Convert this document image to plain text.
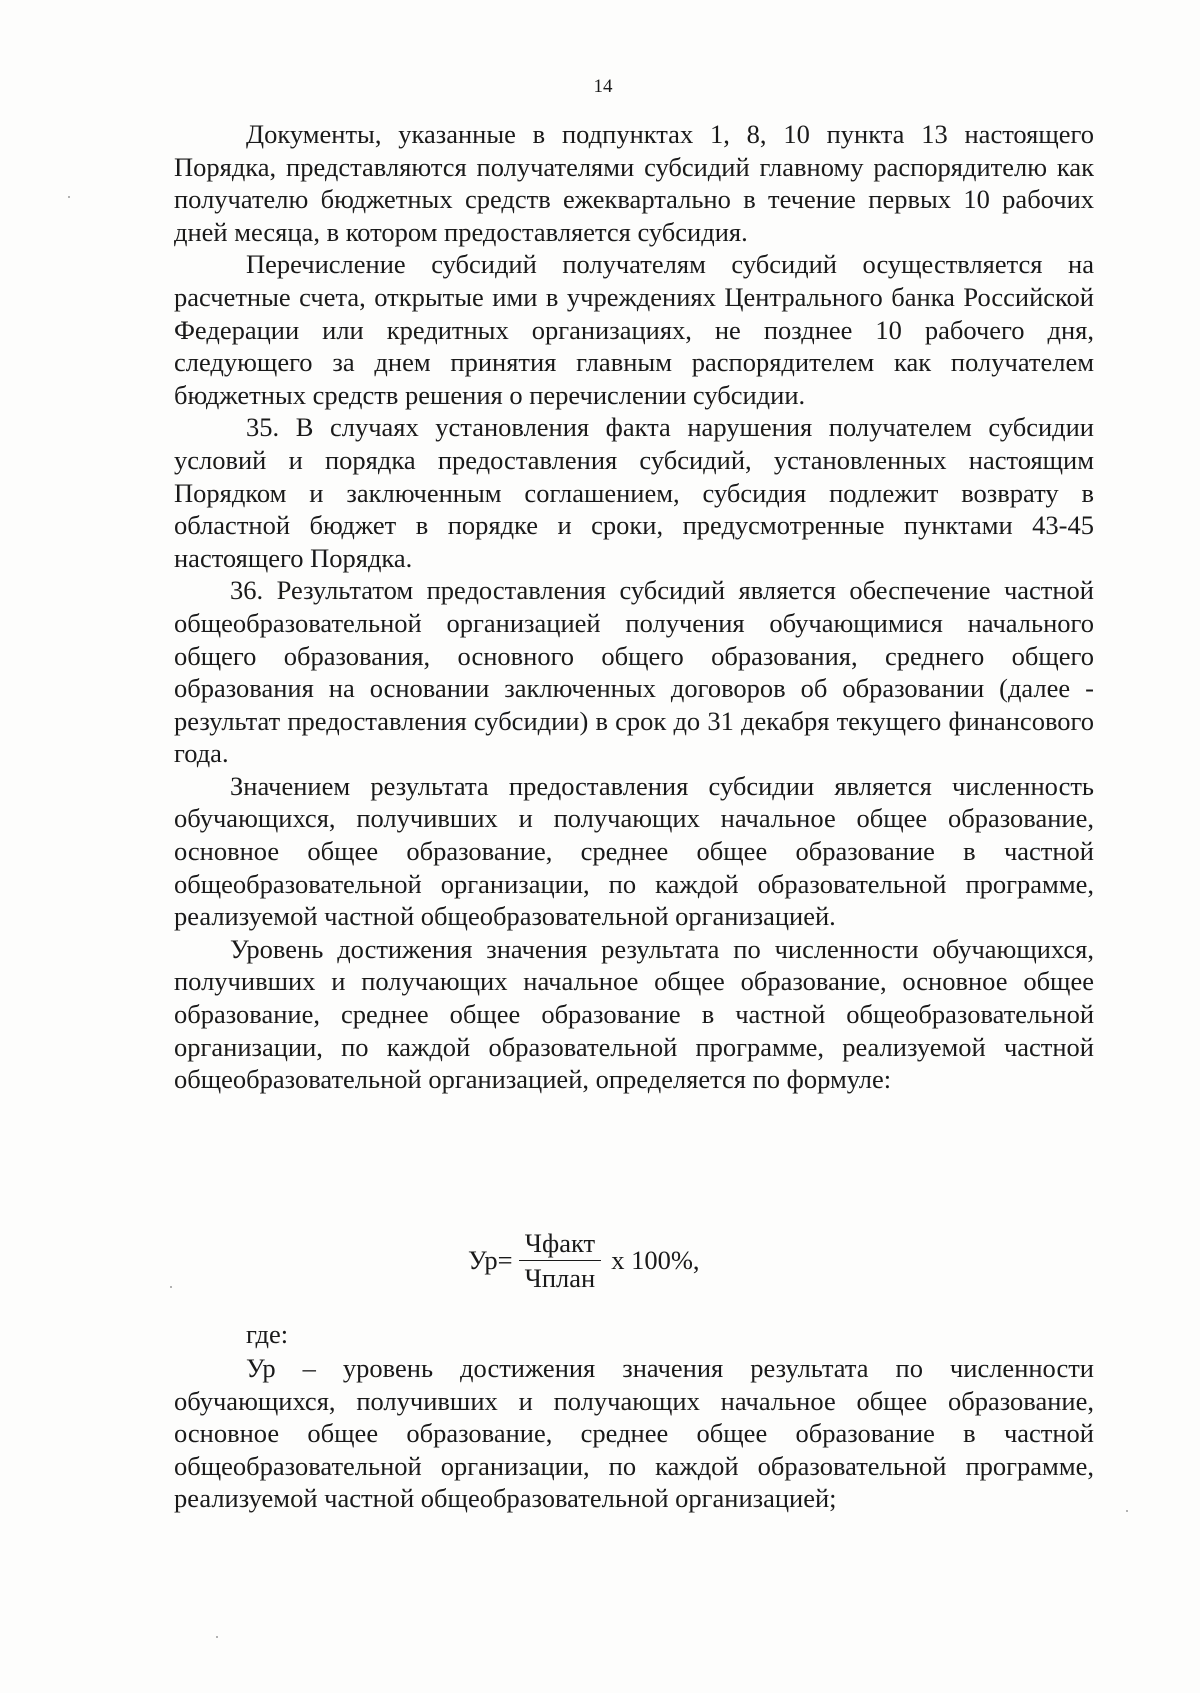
14

Документы, указанные в подпунктах 1, 8, 10 пункта 13 настоящего Порядка, представляются получателями субсидий главному распорядителю как получателю бюджетных средств ежеквартально в течение первых 10 рабочих дней месяца, в котором предоставляется субсидия.

Перечисление субсидий получателям субсидий осуществляется на расчетные счета, открытые ими в учреждениях Центрального банка Российской Федерации или кредитных организациях, не позднее 10 рабочего дня, следующего за днем принятия главным распорядителем как получателем бюджетных средств решения о перечислении субсидии.

35. В случаях установления факта нарушения получателем субсидии условий и порядка предоставления субсидий, установленных настоящим Порядком и заключенным соглашением, субсидия подлежит возврату в областной бюджет в порядке и сроки, предусмотренные пунктами 43-45 настоящего Порядка.

36. Результатом предоставления субсидий является обеспечение частной общеобразовательной организацией получения обучающимися начального общего образования, основного общего образования, среднего общего образования на основании заключенных договоров об образовании (далее - результат предоставления субсидии) в срок до 31 декабря текущего финансового года.

Значением результата предоставления субсидии является численность обучающихся, получивших и получающих начальное общее образование, основное общее образование, среднее общее образование в частной общеобразовательной организации, по каждой образовательной программе, реализуемой частной общеобразовательной организацией.

Уровень достижения значения результата по численности обучающихся, получивших и получающих начальное общее образование, основное общее образование, среднее общее образование в частной общеобразовательной организации, по каждой образовательной программе, реализуемой частной общеобразовательной организацией, определяется по формуле:

$Ур= \frac{\text{Чфакт}}{\text{Чплан}}$ х 100%,
где:

Ур – уровень достижения значения результата по численности обучающихся, получивших и получающих начальное общее образование, основное общее образование, среднее общее образование в частной общеобразовательной организации, по каждой образовательной программе, реализуемой частной общеобразовательной организацией;
